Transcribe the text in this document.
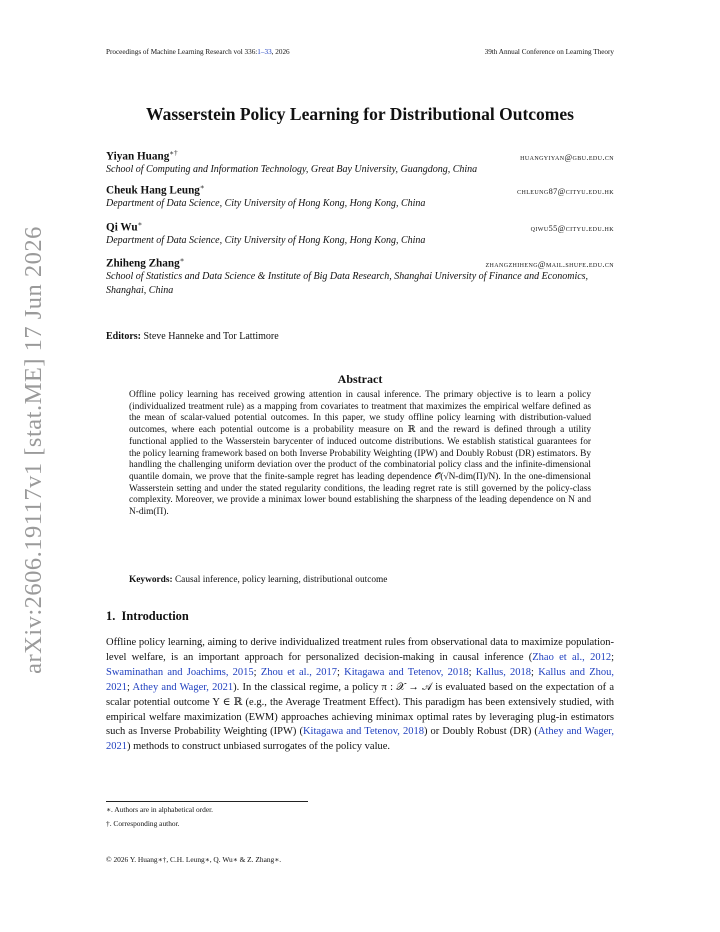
Proceedings of Machine Learning Research vol 336:1–33, 2026	39th Annual Conference on Learning Theory
arXiv:2606.19117v1 [stat.ME] 17 Jun 2026
Wasserstein Policy Learning for Distributional Outcomes
Yiyan Huang∗†	huangyiyan@gbu.edu.cn
School of Computing and Information Technology, Great Bay University, Guangdong, China
Cheuk Hang Leung∗	chleung87@cityu.edu.hk
Department of Data Science, City University of Hong Kong, Hong Kong, China
Qi Wu∗	qiwu55@cityu.edu.hk
Department of Data Science, City University of Hong Kong, Hong Kong, China
Zhiheng Zhang∗	zhangzhiheng@mail.shufe.edu.cn
School of Statistics and Data Science & Institute of Big Data Research, Shanghai University of Finance and Economics, Shanghai, China
Editors: Steve Hanneke and Tor Lattimore
Abstract
Offline policy learning has received growing attention in causal inference. The primary objective is to learn a policy (individualized treatment rule) as a mapping from covariates to treatment that maximizes the empirical welfare defined as the mean of scalar-valued potential outcomes. In this paper, we study offline policy learning with distribution-valued outcomes, where each potential outcome is a probability measure on ℝ and the reward is defined through a utility functional applied to the Wasserstein barycenter of induced outcome distributions. We establish statistical guarantees for the policy learning framework based on both Inverse Probability Weighting (IPW) and Doubly Robust (DR) estimators. By handling the challenging uniform deviation over the product of the combinatorial policy class and the infinite-dimensional quantile domain, we prove that the finite-sample regret has leading dependence 𝒪̃(√N-dim(Π)/N). In the one-dimensional Wasserstein setting and under the stated regularity conditions, the leading regret rate is still governed by the policy-class complexity. Moreover, we provide a minimax lower bound establishing the sharpness of the leading dependence on N and N-dim(Π).
Keywords: Causal inference, policy learning, distributional outcome
1. Introduction
Offline policy learning, aiming to derive individualized treatment rules from observational data to maximize population-level welfare, is an important approach for personalized decision-making in causal inference (Zhao et al., 2012; Swaminathan and Joachims, 2015; Zhou et al., 2017; Kitagawa and Tetenov, 2018; Kallus, 2018; Kallus and Zhou, 2021; Athey and Wager, 2021). In the classical regime, a policy π : 𝒳 → 𝒜 is evaluated based on the expectation of a scalar potential outcome Y ∈ ℝ (e.g., the Average Treatment Effect). This paradigm has been extensively studied, with empirical welfare maximization (EWM) approaches achieving minimax optimal rates by leveraging plug-in estimators such as Inverse Probability Weighting (IPW) (Kitagawa and Tetenov, 2018) or Doubly Robust (DR) (Athey and Wager, 2021) methods to construct unbiased surrogates of the policy value.
∗. Authors are in alphabetical order.
†. Corresponding author.
© 2026 Y. Huang∗†, C.H. Leung∗, Q. Wu∗ & Z. Zhang∗.
